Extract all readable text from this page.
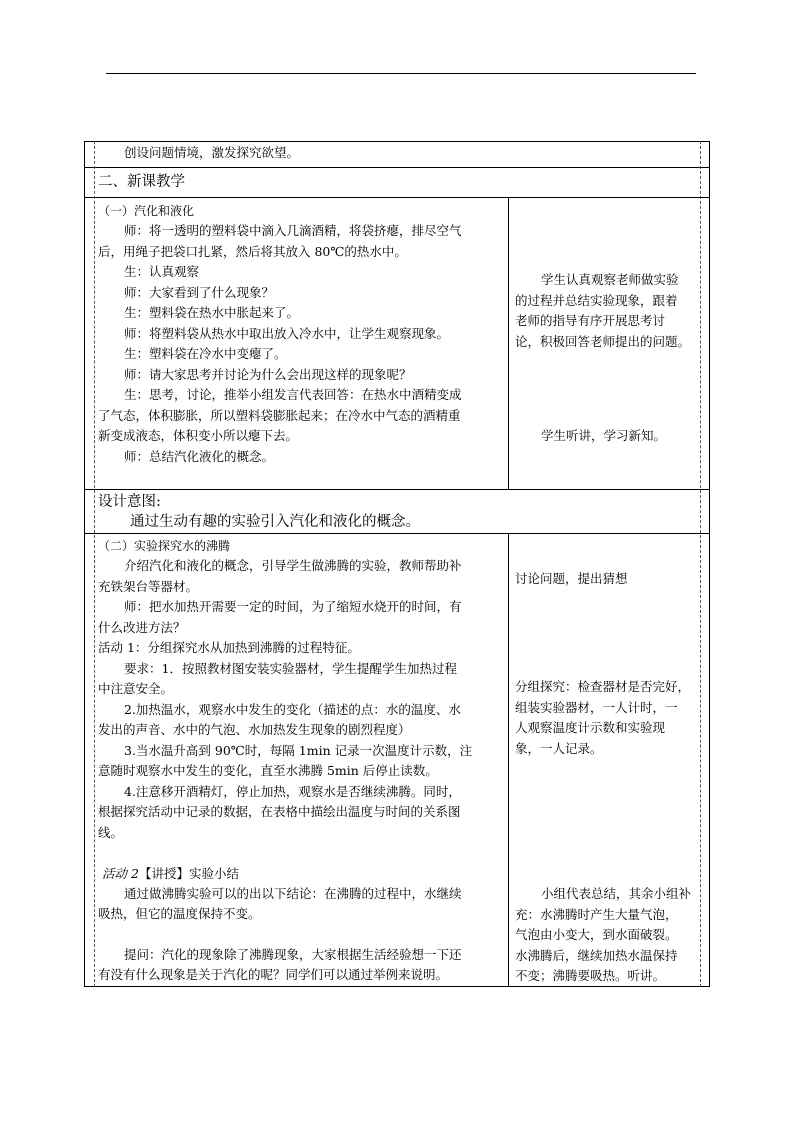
创设问题情境，激发探究欲望。
二、新课教学
（一）汽化和液化
师：将一透明的塑料袋中滴入几滴酒精，将袋挤瘪，排尽空气
后，用绳子把袋口扎紧，然后将其放入 80℃的热水中。
生：认真观察
师：大家看到了什么现象？
生：塑料袋在热水中胀起来了。
师：将塑料袋从热水中取出放入冷水中，让学生观察现象。
生：塑料袋在冷水中变瘪了。
师：请大家思考并讨论为什么会出现这样的现象呢？
生：思考，讨论，推举小组发言代表回答：在热水中酒精变成
了气态，体积膨胀，所以塑料袋膨胀起来；在冷水中气态的酒精重
新变成液态，体积变小所以瘪下去。
师：总结汽化液化的概念。
学生认真观察老师做实验
的过程并总结实验现象，跟着
老师的指导有序开展思考讨
论，积极回答老师提出的问题。
学生听讲，学习新知。
设计意图:
通过生动有趣的实验引入汽化和液化的概念。
（二）实验探究水的沸腾
介绍汽化和液化的概念，引导学生做沸腾的实验，教师帮助补
充铁架台等器材。
师：把水加热开需要一定的时间，为了缩短水烧开的时间，有
什么改进方法？
活动 1：分组探究水从加热到沸腾的过程特征。
要求：1．按照教材图安装实验器材，学生提醒学生加热过程
中注意安全。
2.加热温水，观察水中发生的变化（描述的点：水的温度、水
发出的声音、水中的气泡、水加热发生现象的剧烈程度）
3.当水温升高到 90℃时，每隔 1min 记录一次温度计示数，注
意随时观察水中发生的变化，直至水沸腾 5min 后停止读数。
4.注意移开酒精灯，停止加热，观察水是否继续沸腾。同时，
根据探究活动中记录的数据，在表格中描绘出温度与时间的关系图
线。
活动 2【讲授】实验小结
通过做沸腾实验可以的出以下结论：在沸腾的过程中，水继续
吸热，但它的温度保持不变。
提问：汽化的现象除了沸腾现象，大家根据生活经验想一下还
有没有什么现象是关于汽化的呢？同学们可以通过举例来说明。
讨论问题，提出猜想
分组探究：检查器材是否完好，
组装实验器材，一人计时，一
人观察温度计示数和实验现
象，一人记录。
小组代表总结，其余小组补
充：水沸腾时产生大量气泡，
气泡由小变大，到水面破裂。
水沸腾后，继续加热水温保持
不变；沸腾要吸热。听讲。
